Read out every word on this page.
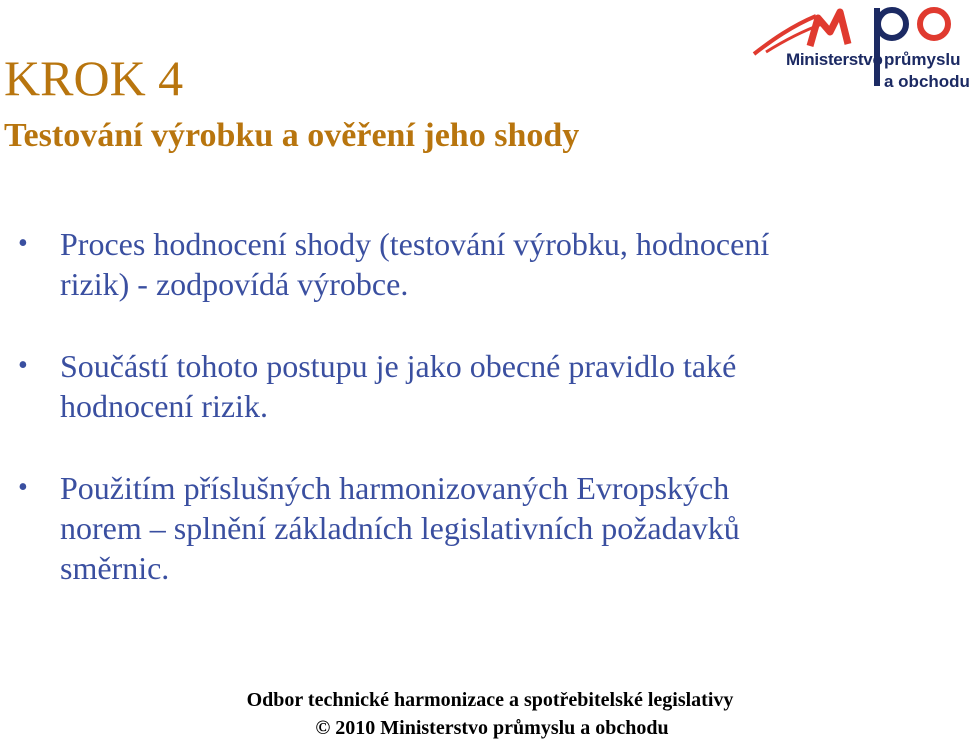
Ministerstvo průmyslu
a obchodu
KROK 4
Testování výrobku a ověření jeho shody
• Proces hodnocení shody (testování výrobku, hodnocení
rizik) - zodpovídá výrobce.
• Součástí tohoto postupu je jako obecné pravidlo také
hodnocení rizik.
• Použitím příslušných harmonizovaných Evropských
norem – splnění základních legislativních požadavků
směrnic.
Odbor technické harmonizace a spotřebitelské legislativy
© 2010 Ministerstvo průmyslu a obchodu
